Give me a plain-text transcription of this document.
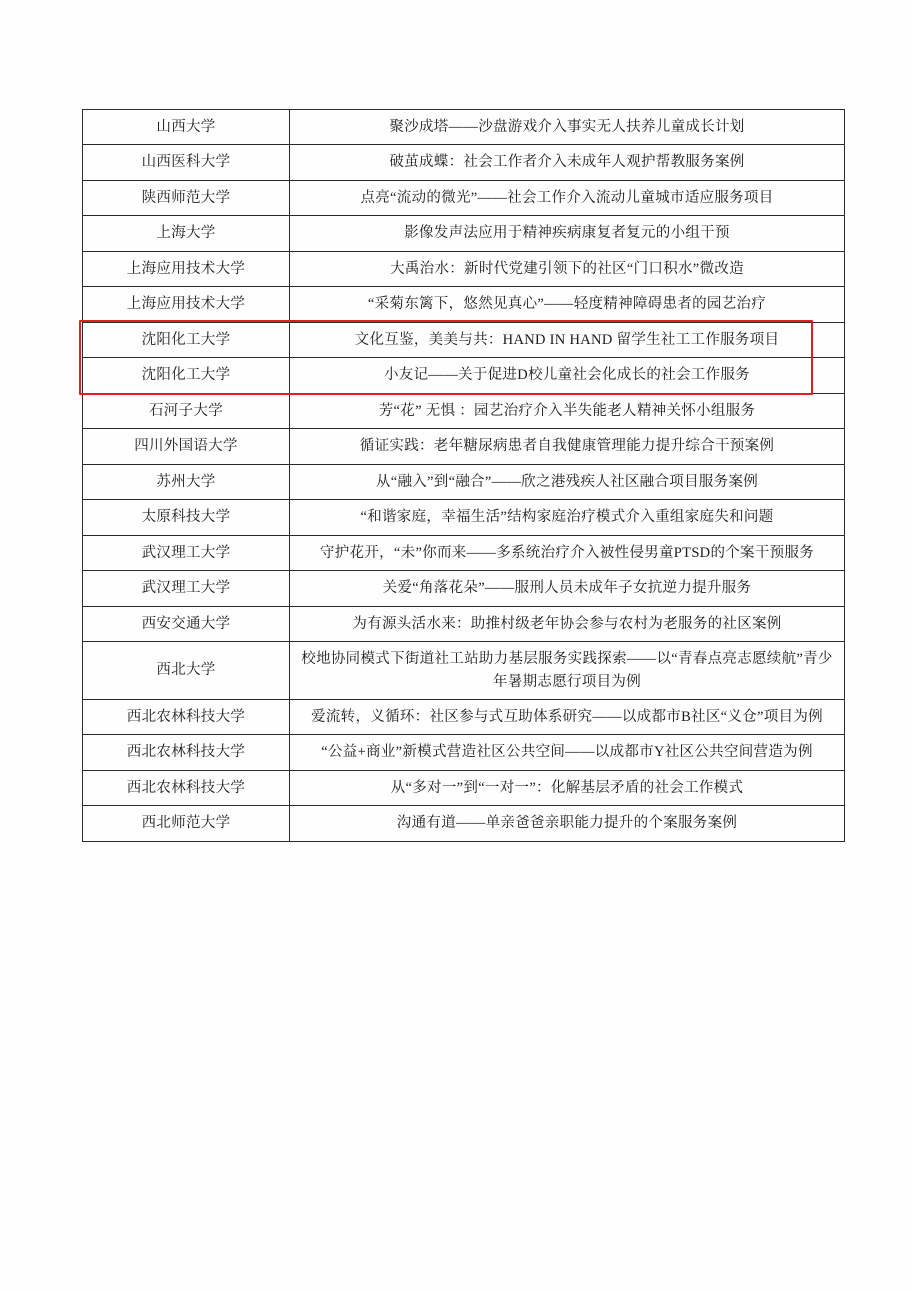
山西大学	聚沙成塔——沙盘游戏介入事实无人扶养儿童成长计划
山西医科大学	破茧成蝶：社会工作者介入未成年人观护帮教服务案例
陕西师范大学	点亮“流动的微光”——社会工作介入流动儿童城市适应服务项目
上海大学	影像发声法应用于精神疾病康复者复元的小组干预
上海应用技术大学	大禹治水：新时代党建引领下的社区“门口积水”微改造
上海应用技术大学	“采菊东篱下，悠然见真心”——轻度精神障碍患者的园艺治疗
沈阳化工大学	文化互鉴，美美与共：HAND IN HAND 留学生社工工作服务项目
沈阳化工大学	小友记——关于促进D校儿童社会化成长的社会工作服务
石河子大学	芳“花” 无惧 ：园艺治疗介入半失能老人精神关怀小组服务
四川外国语大学	循证实践：老年糖尿病患者自我健康管理能力提升综合干预案例
苏州大学	从“融入”到“融合”——欣之港残疾人社区融合项目服务案例
太原科技大学	“和谐家庭，幸福生活”结构家庭治疗模式介入重组家庭失和问题
武汉理工大学	守护花开，“未”你而来——多系统治疗介入被性侵男童PTSD的个案干预服务
武汉理工大学	关爱“角落花朵”——服刑人员未成年子女抗逆力提升服务
西安交通大学	为有源头活水来：助推村级老年协会参与农村为老服务的社区案例
西北大学	校地协同模式下街道社工站助力基层服务实践探索——以“青春点亮志愿续航”青少年暑期志愿行项目为例
西北农林科技大学	爱流转，义循环：社区参与式互助体系研究——以成都市B社区“义仓”项目为例
西北农林科技大学	“公益+商业”新模式营造社区公共空间——以成都市Y社区公共空间营造为例
西北农林科技大学	从“多对一”到“一对一”：化解基层矛盾的社会工作模式
西北师范大学	沟通有道——单亲爸爸亲职能力提升的个案服务案例
